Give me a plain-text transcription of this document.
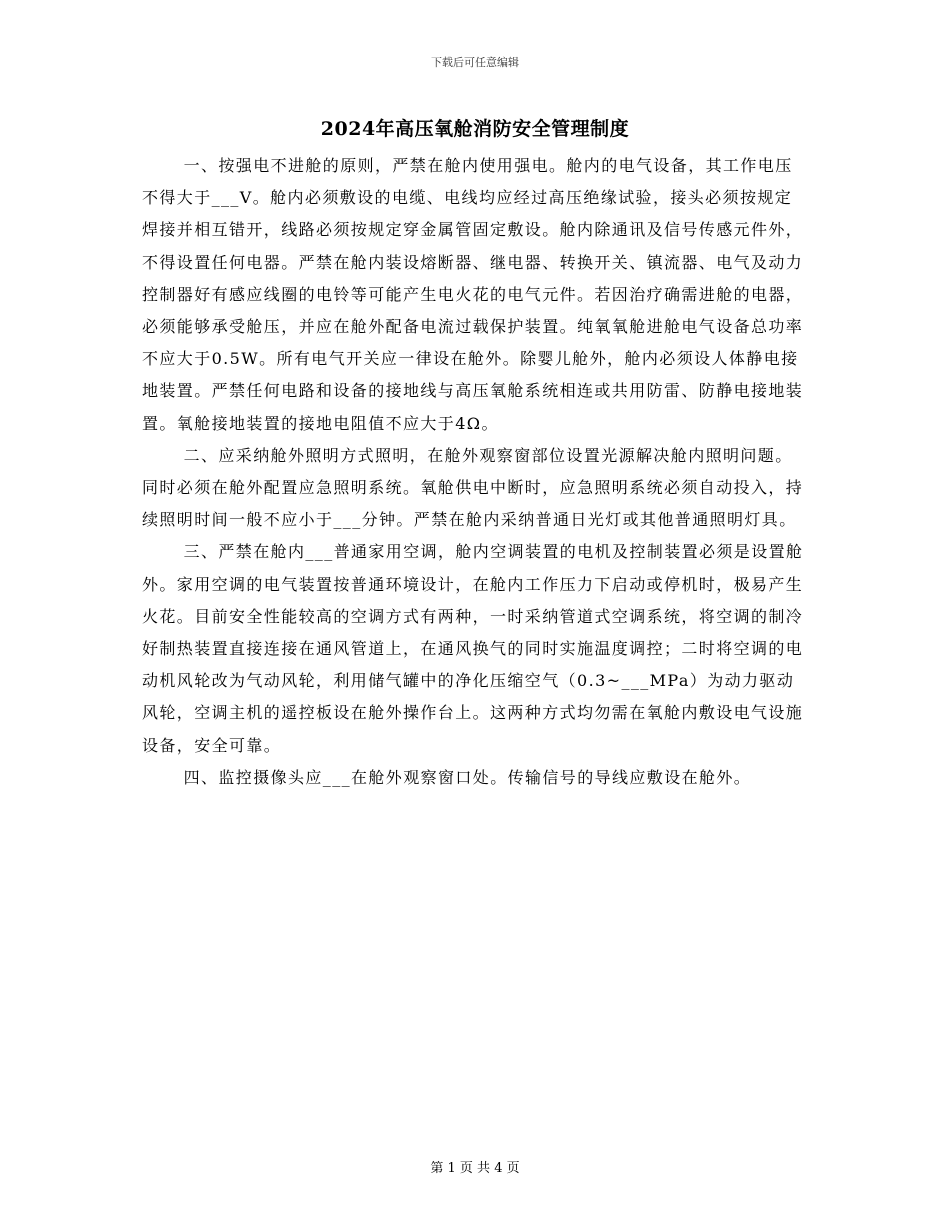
下载后可任意编辑
2024年高压氧舱消防安全管理制度

一、按强电不进舱的原则，严禁在舱内使用强电。舱内的电气设备，其工作电压不得大于___V。舱内必须敷设的电缆、电线均应经过高压绝缘试验，接头必须按规定焊接并相互错开，线路必须按规定穿金属管固定敷设。舱内除通讯及信号传感元件外，不得设置任何电器。严禁在舱内装设熔断器、继电器、转换开关、镇流器、电气及动力控制器好有感应线圈的电铃等可能产生电火花的电气元件。若因治疗确需进舱的电器，必须能够承受舱压，并应在舱外配备电流过载保护装置。纯氧氧舱进舱电气设备总功率不应大于0.5W。所有电气开关应一律设在舱外。除婴儿舱外，舱内必须设人体静电接地装置。严禁任何电路和设备的接地线与高压氧舱系统相连或共用防雷、防静电接地装置。氧舱接地装置的接地电阻值不应大于4Ω。

二、应采纳舱外照明方式照明，在舱外观察窗部位设置光源解决舱内照明问题。同时必须在舱外配置应急照明系统。氧舱供电中断时，应急照明系统必须自动投入，持续照明时间一般不应小于___分钟。严禁在舱内采纳普通日光灯或其他普通照明灯具。

三、严禁在舱内___普通家用空调，舱内空调装置的电机及控制装置必须是设置舱外。家用空调的电气装置按普通环境设计，在舱内工作压力下启动或停机时，极易产生火花。目前安全性能较高的空调方式有两种，一时采纳管道式空调系统，将空调的制冷好制热装置直接连接在通风管道上，在通风换气的同时实施温度调控；二时将空调的电动机风轮改为气动风轮，利用储气罐中的净化压缩空气（0.3~___MPa）为动力驱动风轮，空调主机的遥控板设在舱外操作台上。这两种方式均勿需在氧舱内敷设电气设施设备，安全可靠。

四、监控摄像头应___在舱外观察窗口处。传输信号的导线应敷设在舱外。

第 1 页 共 4 页
